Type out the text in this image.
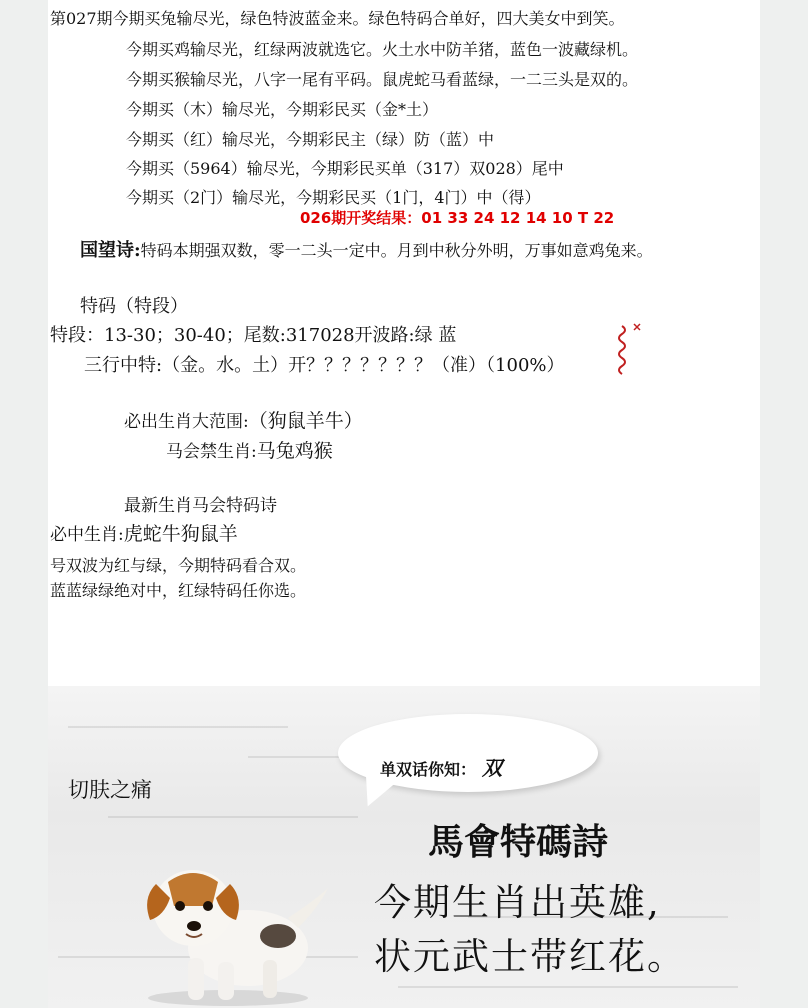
第027期今期买兔输尽光，绿色特波蓝金来。绿色特码合单好，四大美女中到笑。
今期买鸡输尽光，红绿两波就选它。火土水中防羊猪，蓝色一波藏绿机。
今期买猴输尽光，八字一尾有平码。鼠虎蛇马看蓝绿，一二三头是双的。
今期买（木）输尽光，今期彩民买（金*土）
今期买（红）输尽光，今期彩民主（绿）防（蓝）中
今期买（5964）输尽光，今期彩民买单（317）双028）尾中
今期买（2门）输尽光，今期彩民买（1门，4门）中（得）
026期开奖结果：01 33 24 12 14 10 T 22
国望诗:特码本期强双数，零一二头一定中。月到中秋分外明，万事如意鸡兔来。
特码（特段）
特段：13-30；30-40；尾数:317028开波路:绿 蓝
三行中特:（金。水。土）开？？？？？？？（准）（100%）
必出生肖大范围:（狗鼠羊牛）
马会禁生肖:马兔鸡猴
最新生肖马会特码诗
必中生肖:虎蛇牛狗鼠羊
号双波为红与绿，今期特码看合双。
蓝蓝绿绿绝对中，红绿特码任你选。
单双话你知： 双
切肤之痛
馬會特碼詩
今期生肖出英雄,
状元武士带红花。
